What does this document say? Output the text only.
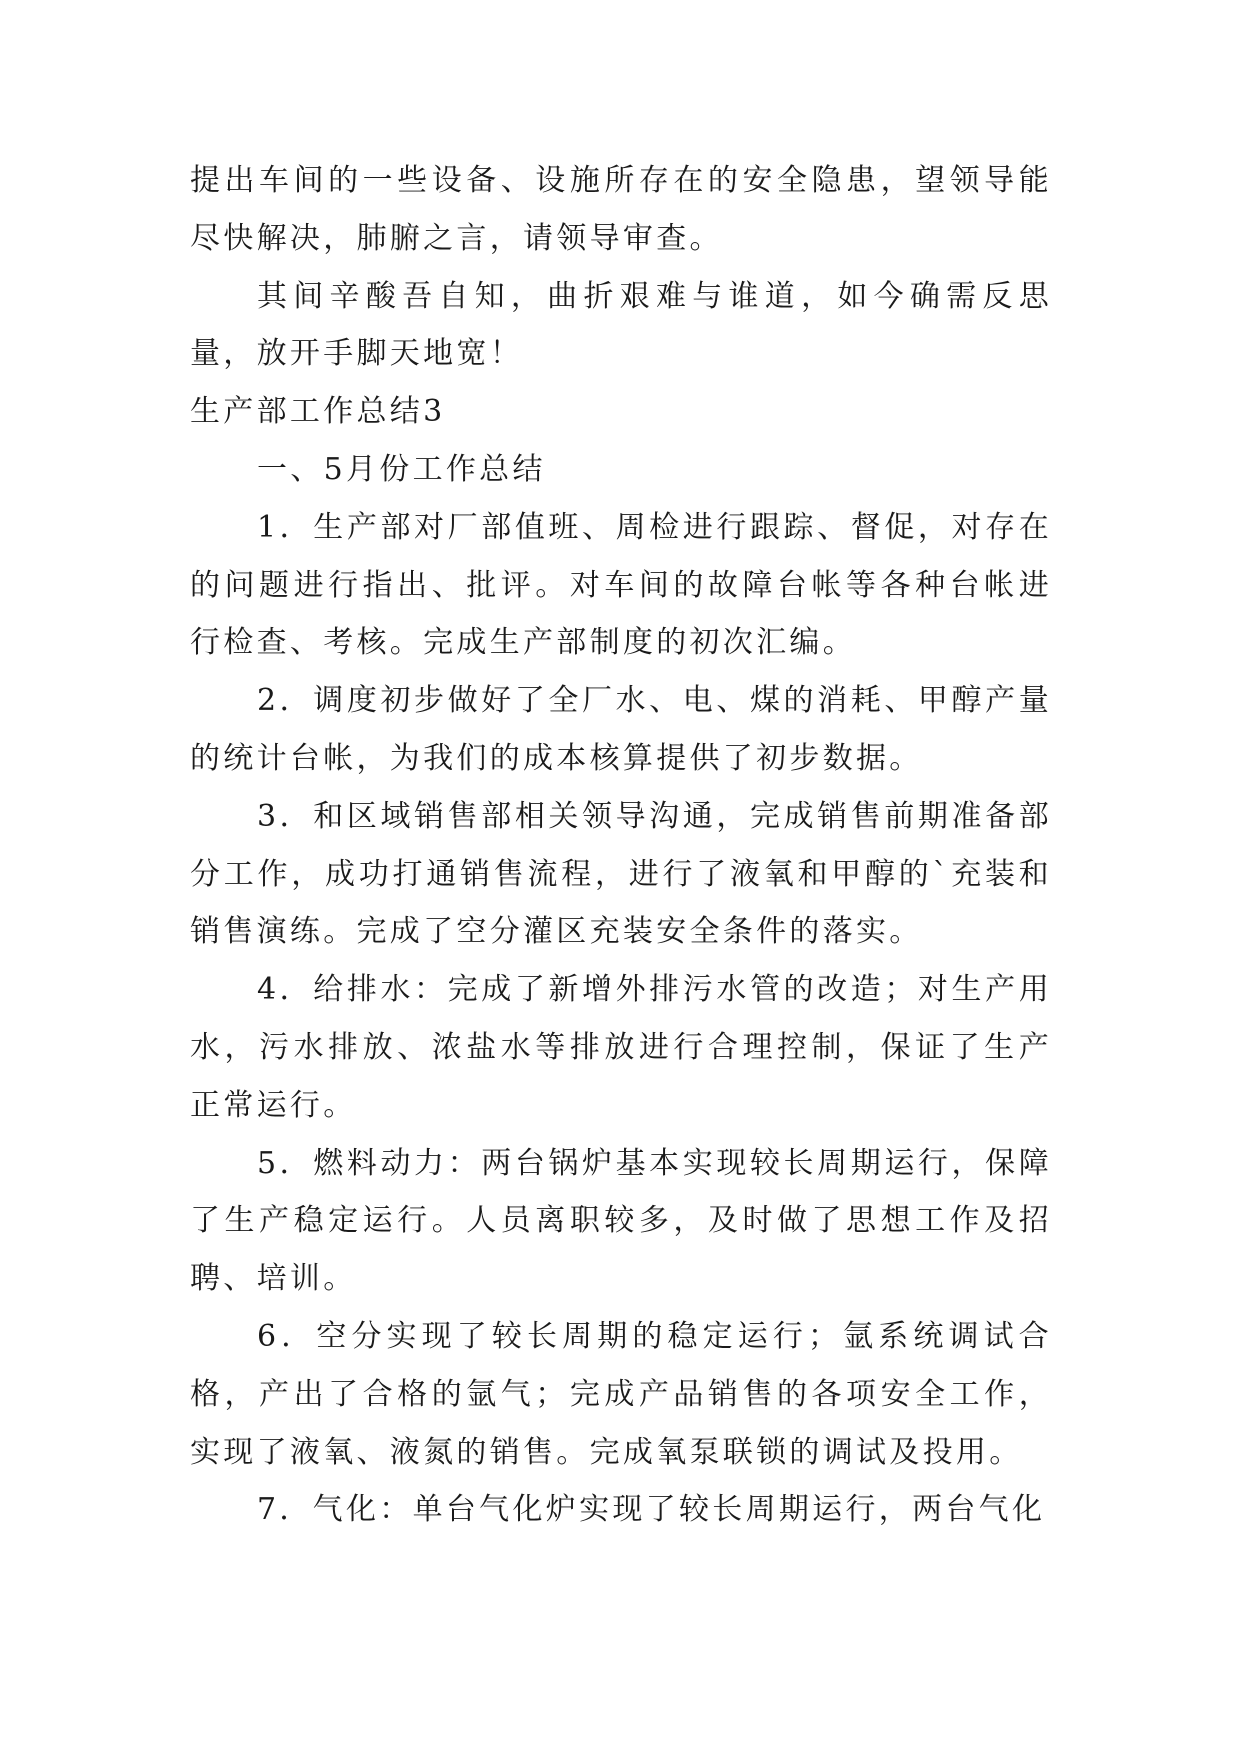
提出车间的一些设备、设施所存在的安全隐患，望领导能尽快解决，肺腑之言，请领导审查。

其间辛酸吾自知，曲折艰难与谁道，如今确需反思量，放开手脚天地宽！

生产部工作总结3

一、5月份工作总结

1．生产部对厂部值班、周检进行跟踪、督促，对存在的问题进行指出、批评。对车间的故障台帐等各种台帐进行检查、考核。完成生产部制度的初次汇编。

2．调度初步做好了全厂水、电、煤的消耗、甲醇产量的统计台帐，为我们的成本核算提供了初步数据。

3．和区域销售部相关领导沟通，完成销售前期准备部分工作，成功打通销售流程，进行了液氧和甲醇的`充装和销售演练。完成了空分灌区充装安全条件的落实。

4．给排水：完成了新增外排污水管的改造；对生产用水，污水排放、浓盐水等排放进行合理控制，保证了生产正常运行。

5．燃料动力：两台锅炉基本实现较长周期运行，保障了生产稳定运行。人员离职较多，及时做了思想工作及招聘、培训。

6．空分实现了较长周期的稳定运行；氩系统调试合格，产出了合格的氩气；完成产品销售的各项安全工作，实现了液氧、液氮的销售。完成氧泵联锁的调试及投用。

7．气化：单台气化炉实现了较长周期运行，两台气化
